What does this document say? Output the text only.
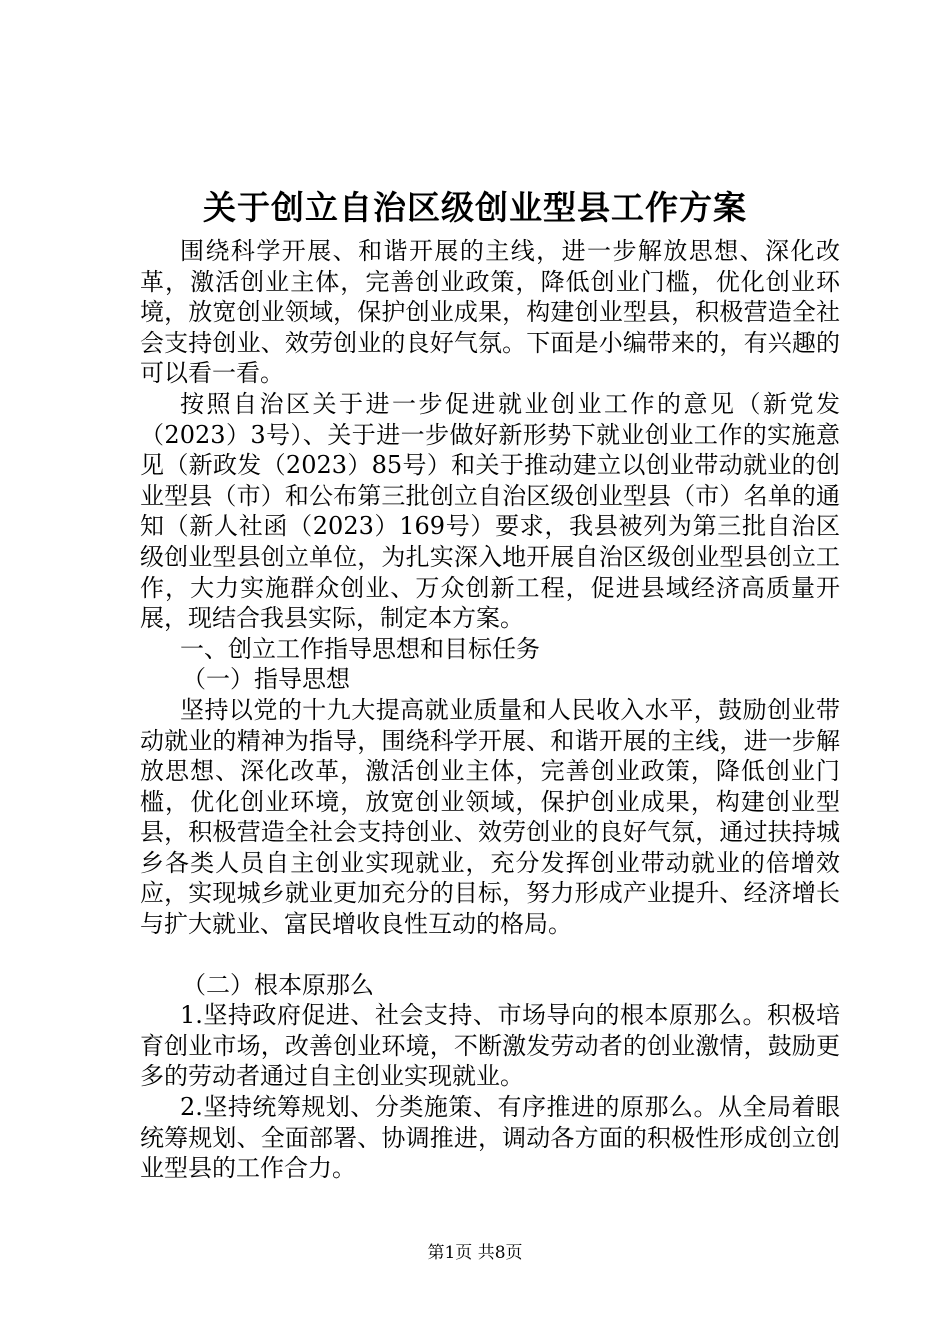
关于创立自治区级创业型县工作方案

围绕科学开展、和谐开展的主线，进一步解放思想、深化改革，激活创业主体，完善创业政策，降低创业门槛，优化创业环境，放宽创业领域，保护创业成果，构建创业型县，积极营造全社会支持创业、效劳创业的良好气氛。下面是小编带来的，有兴趣的可以看一看。

按照自治区关于进一步促进就业创业工作的意见（新党发（2023）3号）、关于进一步做好新形势下就业创业工作的实施意见（新政发（2023）85号）和关于推动建立以创业带动就业的创业型县（市）和公布第三批创立自治区级创业型县（市）名单的通知（新人社函（2023）169号）要求，我县被列为第三批自治区级创业型县创立单位，为扎实深入地开展自治区级创业型县创立工作，大力实施群众创业、万众创新工程，促进县域经济高质量开展，现结合我县实际，制定本方案。

一、创立工作指导思想和目标任务

（一）指导思想

坚持以党的十九大提高就业质量和人民收入水平，鼓励创业带动就业的精神为指导，围绕科学开展、和谐开展的主线，进一步解放思想、深化改革，激活创业主体，完善创业政策，降低创业门槛，优化创业环境，放宽创业领域，保护创业成果，构建创业型县，积极营造全社会支持创业、效劳创业的良好气氛，通过扶持城乡各类人员自主创业实现就业，充分发挥创业带动就业的倍增效应，实现城乡就业更加充分的目标，努力形成产业提升、经济增长与扩大就业、富民增收良性互动的格局。

（二）根本原那么

1.坚持政府促进、社会支持、市场导向的根本原那么。积极培育创业市场，改善创业环境，不断激发劳动者的创业激情，鼓励更多的劳动者通过自主创业实现就业。

2.坚持统筹规划、分类施策、有序推进的原那么。从全局着眼统筹规划、全面部署、协调推进，调动各方面的积极性形成创立创业型县的工作合力。

第1页 共8页
